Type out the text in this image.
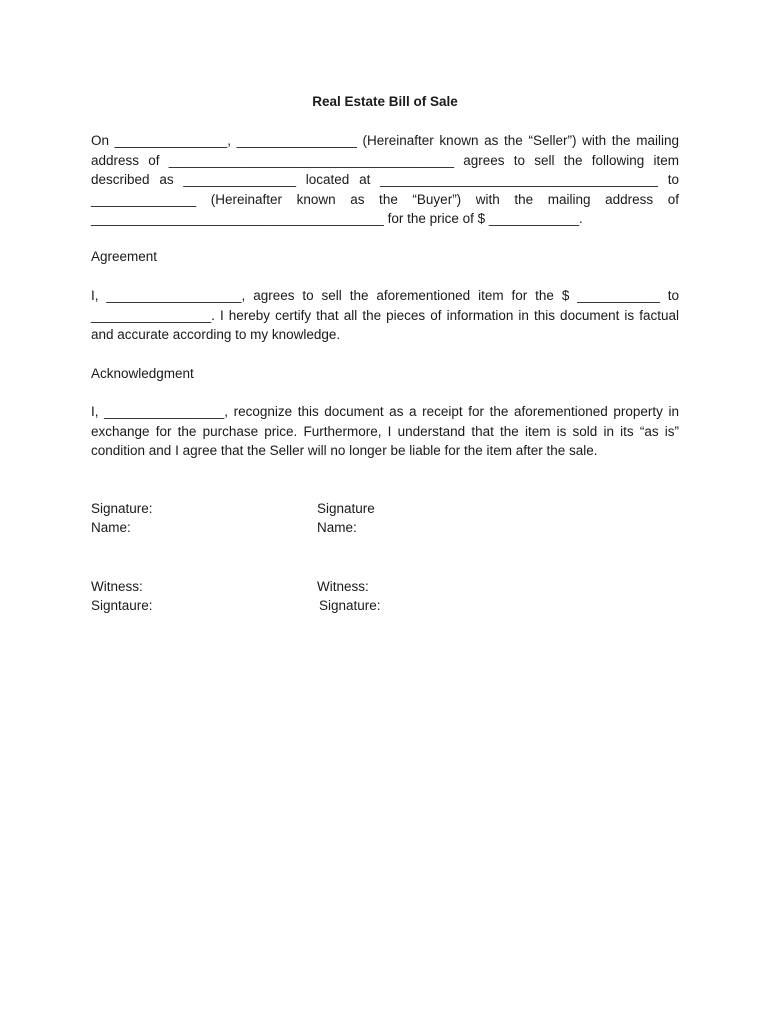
Real Estate Bill of Sale

On _______________, ________________ (Hereinafter known as the “Seller”) with the mailing address of ______________________________________ agrees to sell the following item described as _______________ located at _____________________________________ to ______________ (Hereinafter known as the “Buyer”) with the mailing address of _______________________________________ for the price of $ ____________.

Agreement

I, __________________, agrees to sell the aforementioned item for the $ ___________ to ________________. I hereby certify that all the pieces of information in this document is factual and accurate according to my knowledge.

Acknowledgment

I, ________________, recognize this document as a receipt for the aforementioned property in exchange for the purchase price. Furthermore, I understand that the item is sold in its “as is” condition and I agree that the Seller will no longer be liable for the item after the sale.

Signature:

Name:

Signature

Name:

Witness:

Signtaure:

Witness:

Signature:
